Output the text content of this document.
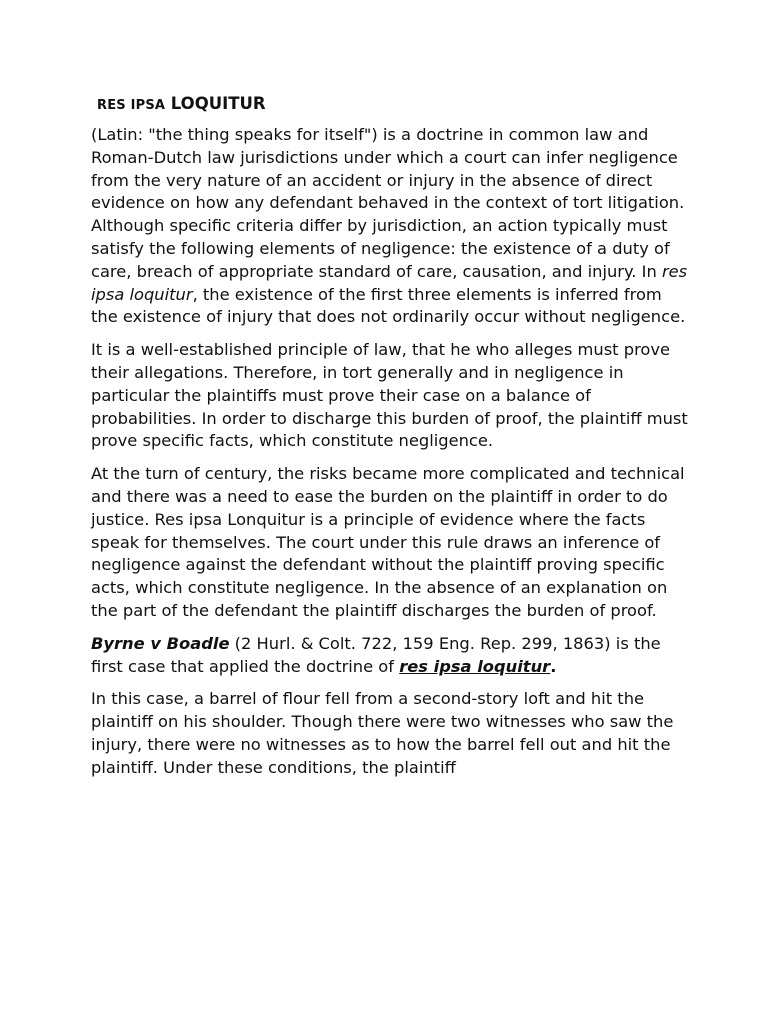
RES IPSA LOQUITUR

(Latin: "the thing speaks for itself") is a doctrine in common law and Roman-Dutch law jurisdictions under which a court can infer negligence from the very nature of an accident or injury in the absence of direct evidence on how any defendant behaved in the context of tort litigation. Although specific criteria differ by jurisdiction, an action typically must satisfy the following elements of negligence: the existence of a duty of care, breach of appropriate standard of care, causation, and injury. In res ipsa loquitur, the existence of the first three elements is inferred from the existence of injury that does not ordinarily occur without negligence.

It is a well-established principle of law, that he who alleges must prove their allegations. Therefore, in tort generally and in negligence in particular the plaintiffs must prove their case on a balance of probabilities. In order to discharge this burden of proof, the plaintiff must prove specific facts, which constitute negligence.

At the turn of century, the risks became more complicated and technical and there was a need to ease the burden on the plaintiff in order to do justice. Res ipsa Lonquitur is a principle of evidence where the facts speak for themselves. The court under this rule draws an inference of negligence against the defendant without the plaintiff proving specific acts, which constitute negligence. In the absence of an explanation on the part of the defendant the plaintiff discharges the burden of proof.

Byrne v Boadle (2 Hurl. & Colt. 722, 159 Eng. Rep. 299, 1863) is the first case that applied the doctrine of res ipsa loquitur.

In this case, a barrel of flour fell from a second-story loft and hit the plaintiff on his shoulder. Though there were two witnesses who saw the injury, there were no witnesses as to how the barrel fell out and hit the plaintiff. Under these conditions, the plaintiff
